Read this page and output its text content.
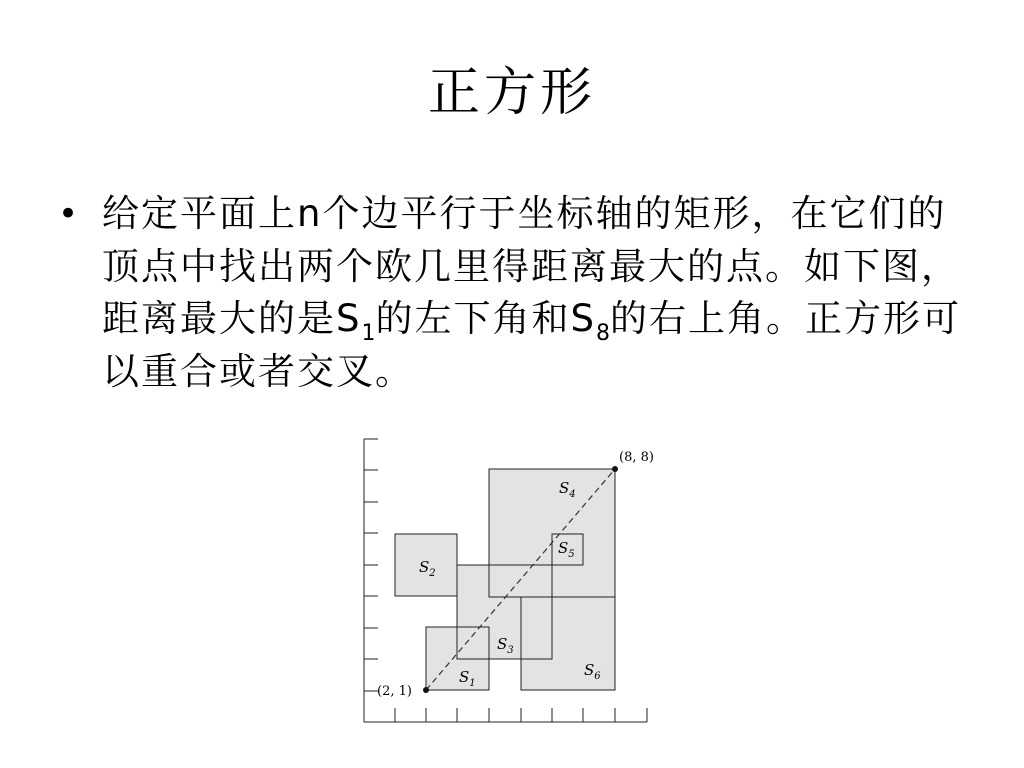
正方形
• 给定平面上n个边平行于坐标轴的矩形，在它们的顶点中找出两个欧几里得距离最大的点。如下图，距离最大的是$S_1$的左下角和$S_8$的右上角。正方形可以重合或者交叉。
(2, 1)
(8, 8)
$S_1$
$S_2$
$S_3$
$S_4$
$S_5$
$S_6$
